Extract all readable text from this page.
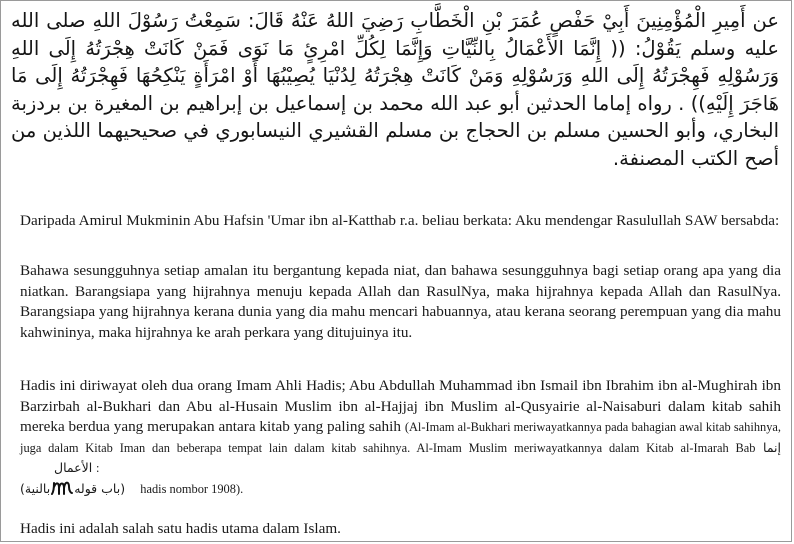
عن أَمِيرِ الْمُؤْمِنِينَ أَبِيْ حَفْصٍ عُمَرَ بْنِ الْخَطَّابِ رَضِيَ اللهُ عَنْهُ قَالَ: سَمِعْتُ رَسُوْلَ اللهِ صلى الله عليه وسلم يَقُوْلُ: (( إِنَّمَا الأَعْمَالُ بِالنِّيَّاتِ وَإِنَّمَا لِكُلِّ امْرِئٍ مَا نَوَى فَمَنْ كَانَتْ هِجْرَتُهُ إِلَى اللهِ وَرَسُوْلِهِ فَهِجْرَتُهُ إِلَى اللهِ وَرَسُوْلِهِ وَمَنْ كَانَتْ هِجْرَتُهُ لِدُنْيَا يُصِيْبُهَا أَوْ امْرَأَةٍ يَنْكِحُهَا فَهِجْرَتُهُ إِلَى مَا هَاجَرَ إِلَيْهِ)) . رواه إماما الحدثين أبو عبد الله محمد بن إسماعيل بن إبراهيم بن المغيرة بن بردزبة البخاري، وأبو الحسين مسلم بن الحجاج بن مسلم القشيري النيسابوري في صحيحيهما اللذين من أصح الكتب المصنفة.

Daripada Amirul Mukminin Abu Hafsin 'Umar ibn al-Katthab r.a. beliau berkata: Aku mendengar Rasulullah SAW bersabda:

Bahawa sesungguhnya setiap amalan itu bergantung kepada niat, dan bahawa sesungguhnya bagi setiap orang apa yang dia niatkan. Barangsiapa yang hijrahnya menuju kepada Allah dan RasulNya, maka hijrahnya kepada Allah dan RasulNya. Barangsiapa yang hijrahnya kerana dunia yang dia mahu mencari habuannya, atau kerana seorang perempuan yang dia mahu kahwininya, maka hijrahnya ke arah perkara yang ditujuinya itu.

Hadis ini diriwayat oleh dua orang Imam Ahli Hadis; Abu Abdullah Muhammad ibn Ismail ibn Ibrahim ibn al-Mughirah ibn Barzirbah al-Bukhari dan Abu al-Husain Muslim ibn al-Hajjaj ibn Muslim al-Qusyairie al-Naisaburi dalam kitab sahih mereka berdua yang merupakan antara kitab yang paling sahih (Al-Imam al-Bukhari meriwayatkannya pada bahagian awal kitab sahihnya, juga dalam Kitab Iman dan beberapa tempat lain dalam kitab sahihnya. Al-Imam Muslim meriwayatkannya dalam Kitab al-Imarah Bab إنما الأعمال :
بالنية) (باب قوله hadis nombor 1908).

Hadis ini adalah salah satu hadis utama dalam Islam.
